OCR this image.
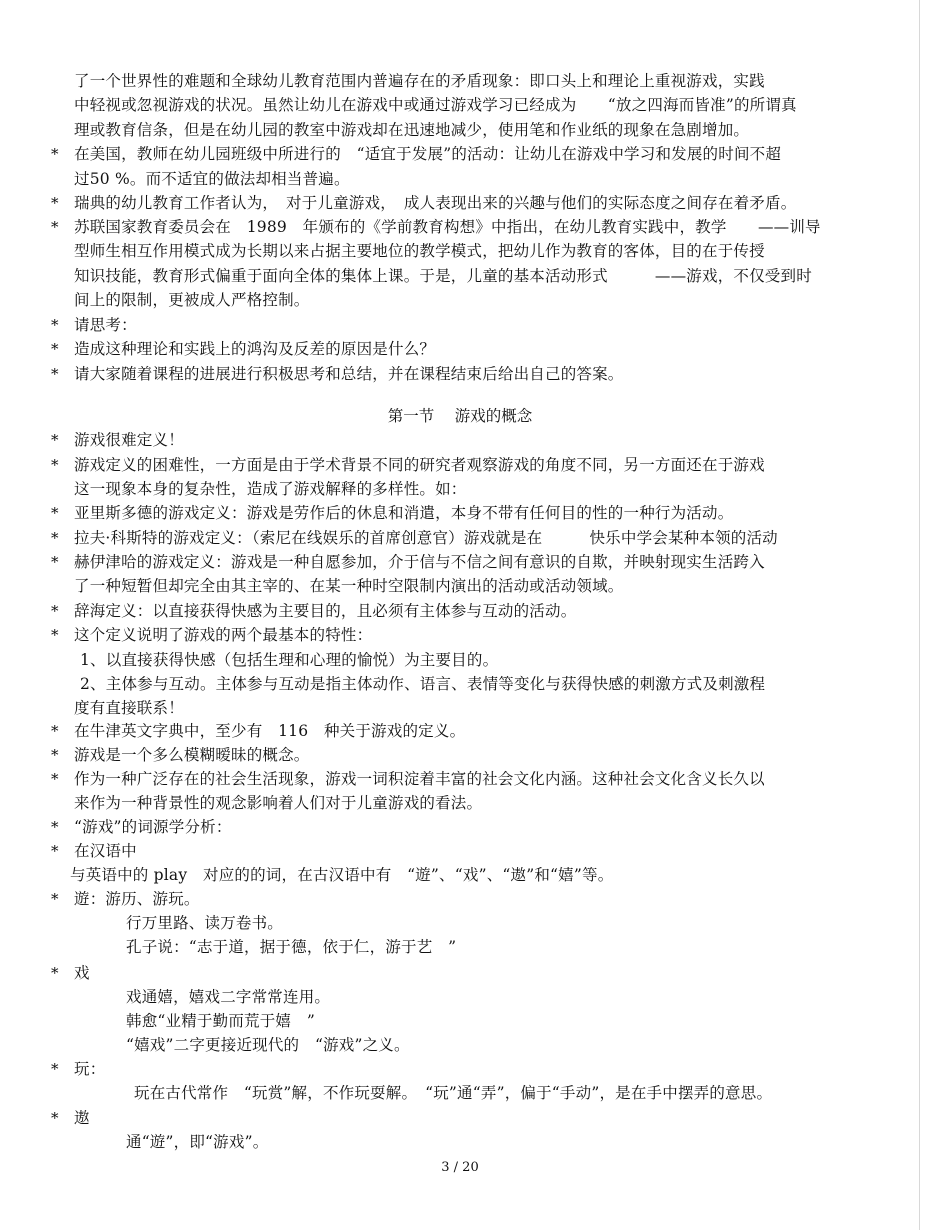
了一个世界性的难题和全球幼儿教育范围内普遍存在的矛盾现象：即口头上和理论上重视游戏，实践
中轻视或忽视游戏的状况。虽然让幼儿在游戏中或通过游戏学习已经成为　　“放之四海而皆准”的所谓真
理或教育信条，但是在幼儿园的教室中游戏却在迅速地减少，使用笔和作业纸的现象在急剧增加。
* 在美国，教师在幼儿园班级中所进行的　“适宜于发展”的活动：让幼儿在游戏中学习和发展的时间不超
过50 %。而不适宜的做法却相当普遍。
* 瑞典的幼儿教育工作者认为，　对于儿童游戏，　成人表现出来的兴趣与他们的实际态度之间存在着矛盾。
* 苏联国家教育委员会在　1989　年颁布的《学前教育构想》中指出，在幼儿教育实践中，教学　　——训导
型师生相互作用模式成为长期以来占据主要地位的教学模式，把幼儿作为教育的客体，目的在于传授
知识技能，教育形式偏重于面向全体的集体上课。于是，儿童的基本活动形式　　　——游戏，不仅受到时
间上的限制，更被成人严格控制。
* 请思考：
* 造成这种理论和实践上的鸿沟及反差的原因是什么？
* 请大家随着课程的进展进行积极思考和总结，并在课程结束后给出自己的答案。
第一节　 游戏的概念
* 游戏很难定义！
* 游戏定义的困难性，一方面是由于学术背景不同的研究者观察游戏的角度不同，另一方面还在于游戏
这一现象本身的复杂性，造成了游戏解释的多样性。如：
* 亚里斯多德的游戏定义：游戏是劳作后的休息和消遣，本身不带有任何目的性的一种行为活动。
* 拉夫·科斯特的游戏定义：（索尼在线娱乐的首席创意官）游戏就是在　　　快乐中学会某种本领的活动
* 赫伊津哈的游戏定义：游戏是一种自愿参加，介于信与不信之间有意识的自欺，并映射现实生活跨入
了一种短暂但却完全由其主宰的、在某一种时空限制内演出的活动或活动领域。
* 辞海定义：以直接获得快感为主要目的，且必须有主体参与互动的活动。
* 这个定义说明了游戏的两个最基本的特性：
1、以直接获得快感（包括生理和心理的愉悦）为主要目的。
2、主体参与互动。主体参与互动是指主体动作、语言、表情等变化与获得快感的刺激方式及刺激程
度有直接联系！
* 在牛津英文字典中，至少有　116　种关于游戏的定义。
* 游戏是一个多么模糊暧昧的概念。
* 作为一种广泛存在的社会生活现象，游戏一词积淀着丰富的社会文化内涵。这种社会文化含义长久以
来作为一种背景性的观念影响着人们对于儿童游戏的看法。
* “游戏”的词源学分析：
* 在汉语中
与英语中的 play　对应的的词，在古汉语中有　“遊”、“戏”、“遨”和“嬉”等。
* 遊：游历、游玩。
行万里路、读万卷书。
孔子说：“志于道，据于德，依于仁，游于艺　”
* 戏
戏通嬉，嬉戏二字常常连用。
韩愈“业精于勤而荒于嬉　”
“嬉戏”二字更接近现代的　“游戏”之义。
* 玩：
玩在古代常作　“玩赏”解，不作玩耍解。　“玩”通“弄”，偏于“手动”，是在手中摆弄的意思。
* 遨
通“遊”，即“游戏”。
3 / 20
